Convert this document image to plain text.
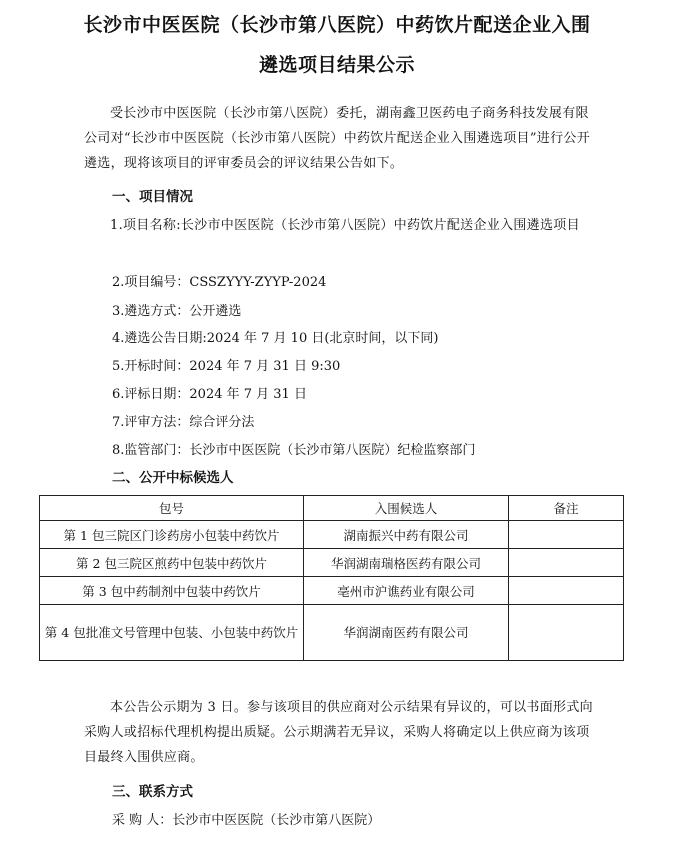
长沙市中医医院（长沙市第八医院）中药饮片配送企业入围
遴选项目结果公示
受长沙市中医医院（长沙市第八医院）委托，湖南鑫卫医药电子商务科技发展有限公司对“长沙市中医医院（长沙市第八医院）中药饮片配送企业入围遴选项目”进行公开遴选，现将该项目的评审委员会的评议结果公告如下。
一、项目情况
1.项目名称:长沙市中医医院（长沙市第八医院）中药饮片配送企业入围遴选项目
2.项目编号：CSSZYYY-ZYYP-2024
3.遴选方式：公开遴选
4.遴选公告日期:2024 年 7 月 10 日(北京时间，以下同)
5.开标时间：2024 年 7 月 31 日 9:30
6.评标日期：2024 年 7 月 31 日
7.评审方法：综合评分法
8.监管部门：长沙市中医医院（长沙市第八医院）纪检监察部门
二、公开中标候选人
包号	入围候选人	备注
第 1 包三院区门诊药房小包装中药饮片	湖南振兴中药有限公司	
第 2 包三院区煎药中包装中药饮片	华润湖南瑞格医药有限公司	
第 3 包中药制剂中包装中药饮片	亳州市沪谯药业有限公司	
第 4 包批准文号管理中包装、小包装中药饮片	华润湖南医药有限公司	
本公告公示期为 3 日。参与该项目的供应商对公示结果有异议的，可以书面形式向采购人或招标代理机构提出质疑。公示期满若无异议，采购人将确定以上供应商为该项目最终入围供应商。
三、联系方式
采 购 人：长沙市中医医院（长沙市第八医院）
